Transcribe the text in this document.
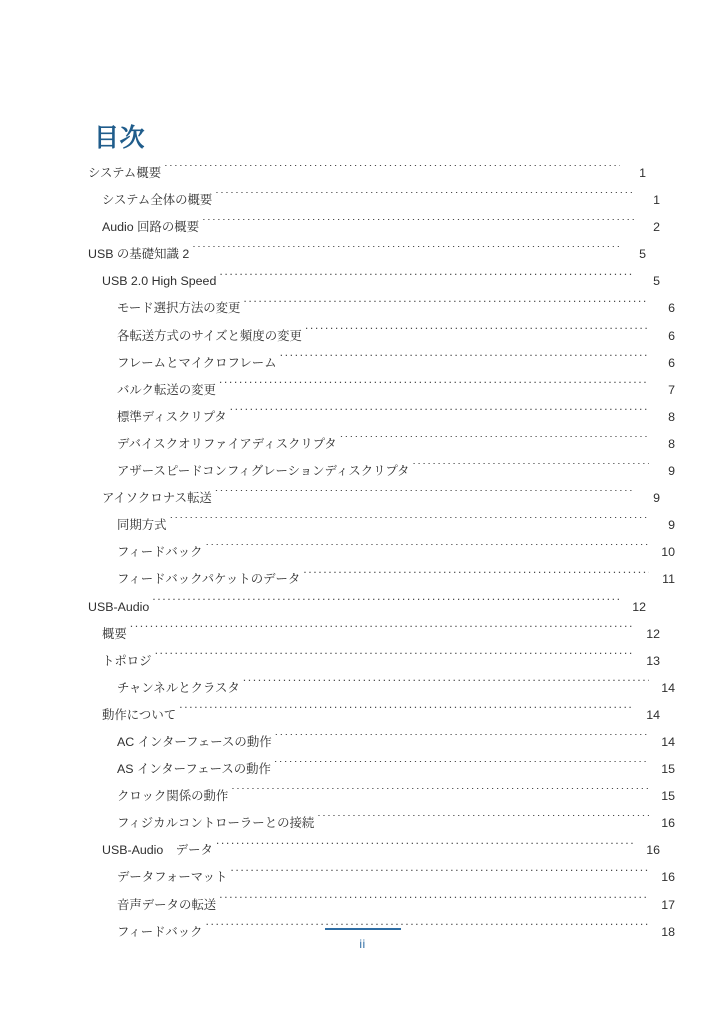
目次
システム概要 .....	1
システム全体の概要 .....	1
Audio 回路の概要 .....	2
USB の基礎知識 2 .....	5
USB 2.0 High Speed .....	5
モード選択方法の変更 .....	6
各転送方式のサイズと頻度の変更 .....	6
フレームとマイクロフレーム .....	6
バルク転送の変更 .....	7
標準ディスクリプタ .....	8
デバイスクオリファイアディスクリプタ .....	8
アザースピードコンフィグレーションディスクリプタ .....	9
アイソクロナス転送 .....	9
同期方式 .....	9
フィードバック .....	10
フィードバックパケットのデータ .....	11
USB-Audio .....	12
概要 .....	12
トポロジ .....	13
チャンネルとクラスタ .....	14
動作について .....	14
AC インターフェースの動作 .....	14
AS インターフェースの動作 .....	15
クロック関係の動作 .....	15
フィジカルコントローラーとの接続 .....	16
USB-Audio　データ .....	16
データフォーマット .....	16
音声データの転送 .....	17
フィードバック .....	18
ii
